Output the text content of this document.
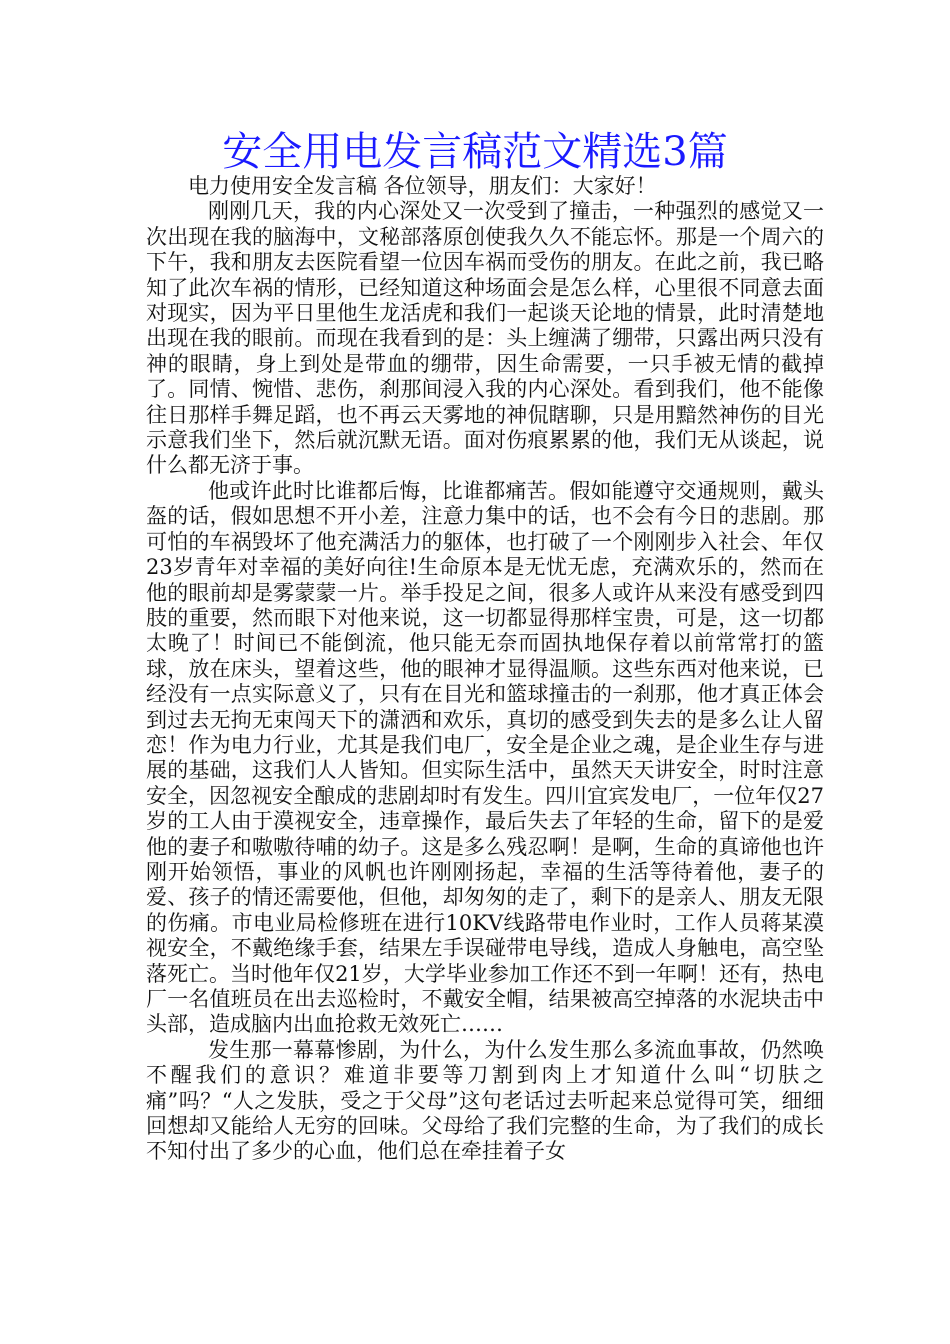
安全用电发言稿范文精选3篇

电力使用安全发言稿 各位领导，朋友们：大家好！

刚刚几天，我的内心深处又一次受到了撞击，一种强烈的感觉又一次出现在我的脑海中，文秘部落原创使我久久不能忘怀。那是一个周六的下午，我和朋友去医院看望一位因车祸而受伤的朋友。在此之前，我已略知了此次车祸的情形，已经知道这种场面会是怎么样，心里很不同意去面对现实，因为平日里他生龙活虎和我们一起谈天论地的情景，此时清楚地出现在我的眼前。而现在我看到的是：头上缠满了绷带，只露出两只没有神的眼睛，身上到处是带血的绷带，因生命需要，一只手被无情的截掉了。同情、惋惜、悲伤，刹那间浸入我的内心深处。看到我们，他不能像往日那样手舞足蹈，也不再云天雾地的神侃瞎聊，只是用黯然神伤的目光示意我们坐下，然后就沉默无语。面对伤痕累累的他，我们无从谈起，说什么都无济于事。

他或许此时比谁都后悔，比谁都痛苦。假如能遵守交通规则，戴头盔的话，假如思想不开小差，注意力集中的话，也不会有今日的悲剧。那可怕的车祸毁坏了他充满活力的躯体，也打破了一个刚刚步入社会、年仅23岁青年对幸福的美好向往!生命原本是无忧无虑，充满欢乐的，然而在他的眼前却是雾蒙蒙一片。举手投足之间，很多人或许从来没有感受到四肢的重要，然而眼下对他来说，这一切都显得那样宝贵，可是，这一切都太晚了！时间已不能倒流，他只能无奈而固执地保存着以前常常打的篮球，放在床头，望着这些，他的眼神才显得温顺。这些东西对他来说，已经没有一点实际意义了，只有在目光和篮球撞击的一刹那，他才真正体会到过去无拘无束闯天下的潇洒和欢乐，真切的感受到失去的是多么让人留恋！作为电力行业，尤其是我们电厂，安全是企业之魂，是企业生存与进展的基础，这我们人人皆知。但实际生活中，虽然天天讲安全，时时注意安全，因忽视安全酿成的悲剧却时有发生。四川宜宾发电厂，一位年仅27岁的工人由于漠视安全，违章操作，最后失去了年轻的生命，留下的是爱他的妻子和嗷嗷待哺的幼子。这是多么残忍啊！是啊，生命的真谛他也许刚开始领悟，事业的风帆也许刚刚扬起，幸福的生活等待着他，妻子的爱、孩子的情还需要他，但他，却匆匆的走了，剩下的是亲人、朋友无限的伤痛。市电业局检修班在进行10KV线路带电作业时，工作人员蒋某漠视安全，不戴绝缘手套，结果左手误碰带电导线，造成人身触电，高空坠落死亡。当时他年仅21岁，大学毕业参加工作还不到一年啊！还有，热电厂一名值班员在出去巡检时，不戴安全帽，结果被高空掉落的水泥块击中头部，造成脑内出血抢救无效死亡……

发生那一幕幕惨剧，为什么，为什么发生那么多流血事故，仍然唤不醒我们的意识？难道非要等刀割到肉上才知道什么叫“切肤之痛”吗？“人之发肤，受之于父母”这句老话过去听起来总觉得可笑，细细回想却又能给人无穷的回味。父母给了我们完整的生命，为了我们的成长不知付出了多少的心血，他们总在牵挂着子女
